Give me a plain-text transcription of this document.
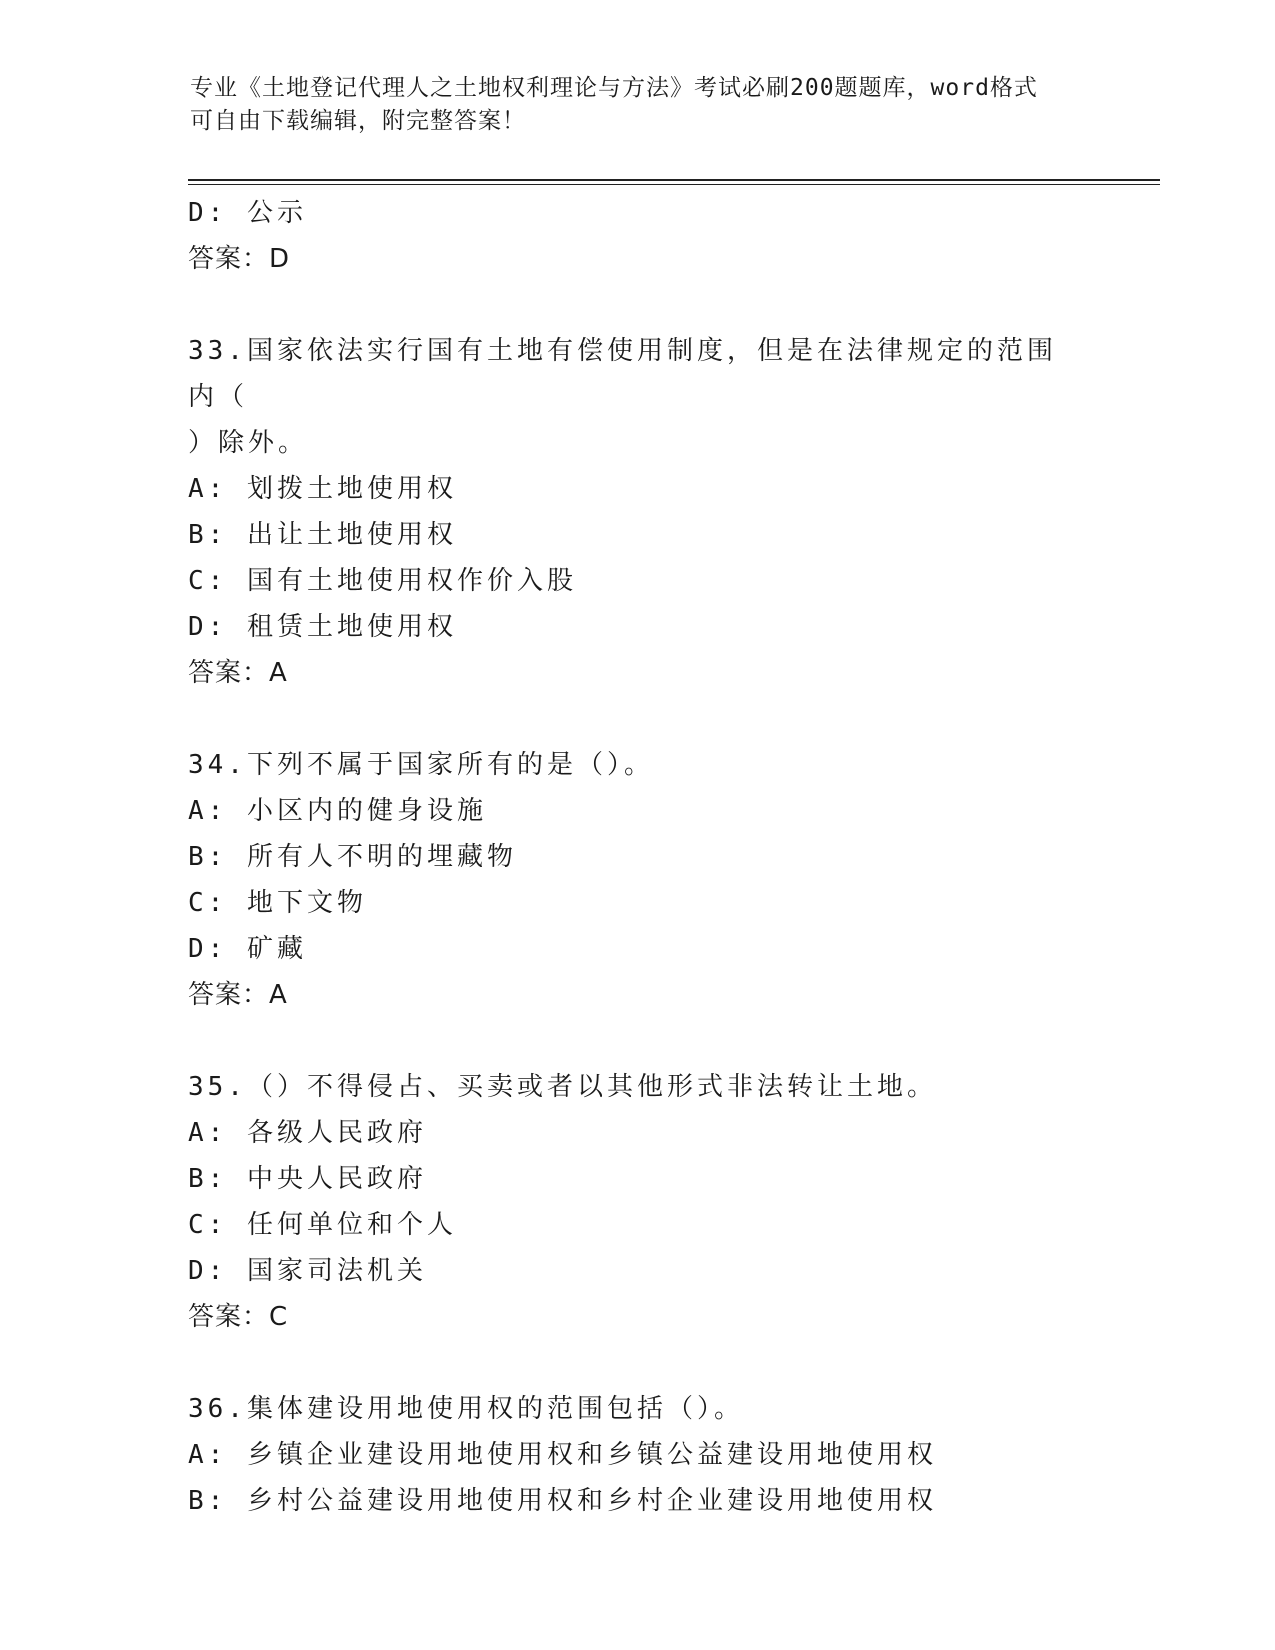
专业《土地登记代理人之土地权利理论与方法》考试必刷200题题库，word格式
可自由下载编辑，附完整答案！
D: 公示
答案：D
33.国家依法实行国有土地有偿使用制度，但是在法律规定的范围内（
）除外。
A: 划拨土地使用权
B: 出让土地使用权
C: 国有土地使用权作价入股
D: 租赁土地使用权
答案：A
34.下列不属于国家所有的是（）。
A: 小区内的健身设施
B: 所有人不明的埋藏物
C: 地下文物
D: 矿藏
答案：A
35.（）不得侵占、买卖或者以其他形式非法转让土地。
A: 各级人民政府
B: 中央人民政府
C: 任何单位和个人
D: 国家司法机关
答案：C
36.集体建设用地使用权的范围包括（）。
A: 乡镇企业建设用地使用权和乡镇公益建设用地使用权
B: 乡村公益建设用地使用权和乡村企业建设用地使用权
